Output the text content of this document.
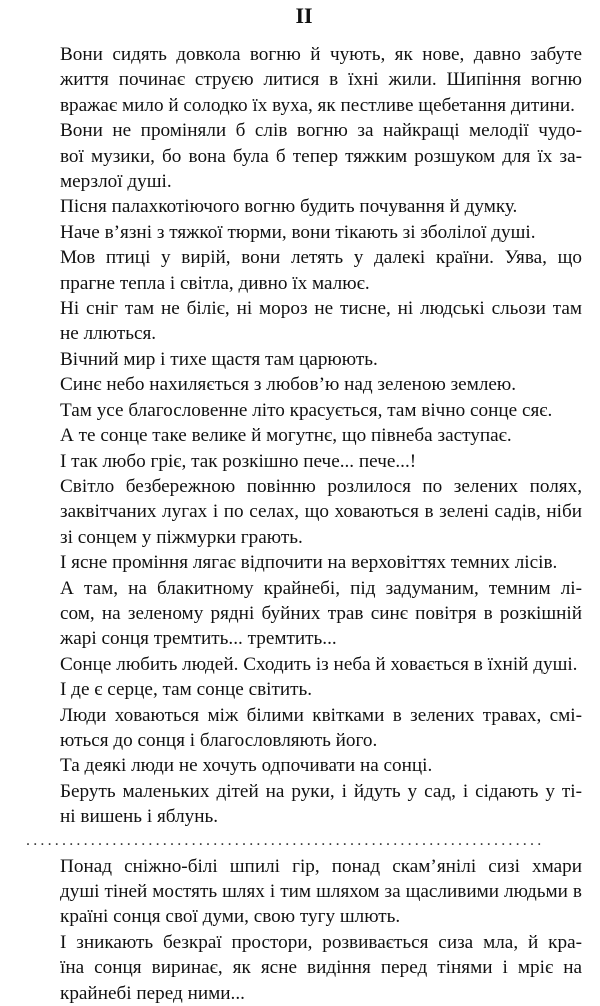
II
Вони сидять довкола вогню й чують, як нове, давно забуте
життя починає струєю литися в їхні жили. Шипіння вогню
вражає мило й солодко їх вуха, як пестливе щебетання дитини.
Вони не проміняли б слів вогню за найкращі мелодії чудо-
вої музики, бо вона була б тепер тяжким розшуком для їх за-
мерзлої душі.
Пісня палахкотіючого вогню будить почування й думку.
Наче в’язні з тяжкої тюрми, вони тікають зі зболілої душі.
Мов птиці у вирій, вони летять у далекі країни. Уява, що
прагне тепла і світла, дивно їх малює.
Ні сніг там не біліє, ні мороз не тисне, ні людські сльози там
не ллються.
Вічний мир і тихе щастя там царюють.
Синє небо нахиляється з любов’ю над зеленою землею.
Там усе благословенне літо красується, там вічно сонце сяє.
А те сонце таке велике й могутнє, що півнеба заступає.
І так любо гріє, так розкішно пече... пече...!
Світло безбережною повінню розлилося по зелених полях,
заквітчаних лугах і по селах, що ховаються в зелені садів, ніби
зі сонцем у піжмурки грають.
І ясне проміння лягає відпочити на верховіттях темних лісів.
А там, на блакитному крайнебі, під задуманим, темним лі-
сом, на зеленому рядні буйних трав синє повітря в розкішній
жарі сонця тремтить... тремтить...
Сонце любить людей. Сходить із неба й ховається в їхній душі.
І де є серце, там сонце світить.
Люди ховаються між білими квітками в зелених травах, смі-
ються до сонця і благословляють його.
Та деякі люди не хочуть одпочивати на сонці.
Беруть маленьких дітей на руки, і йдуть у сад, і сідають у ті-
ні вишень і яблунь.
........................................................................
Понад сніжно-білі шпилі гір, понад скам’янілі сизі хмари
душі тіней мостять шлях і тим шляхом за щасливими людьми в
країні сонця свої думи, свою тугу шлють.
І зникають безкраї простори, розвивається сиза мла, й кра-
їна сонця виринає, як ясне видіння перед тінями і мріє на
крайнебі перед ними...
